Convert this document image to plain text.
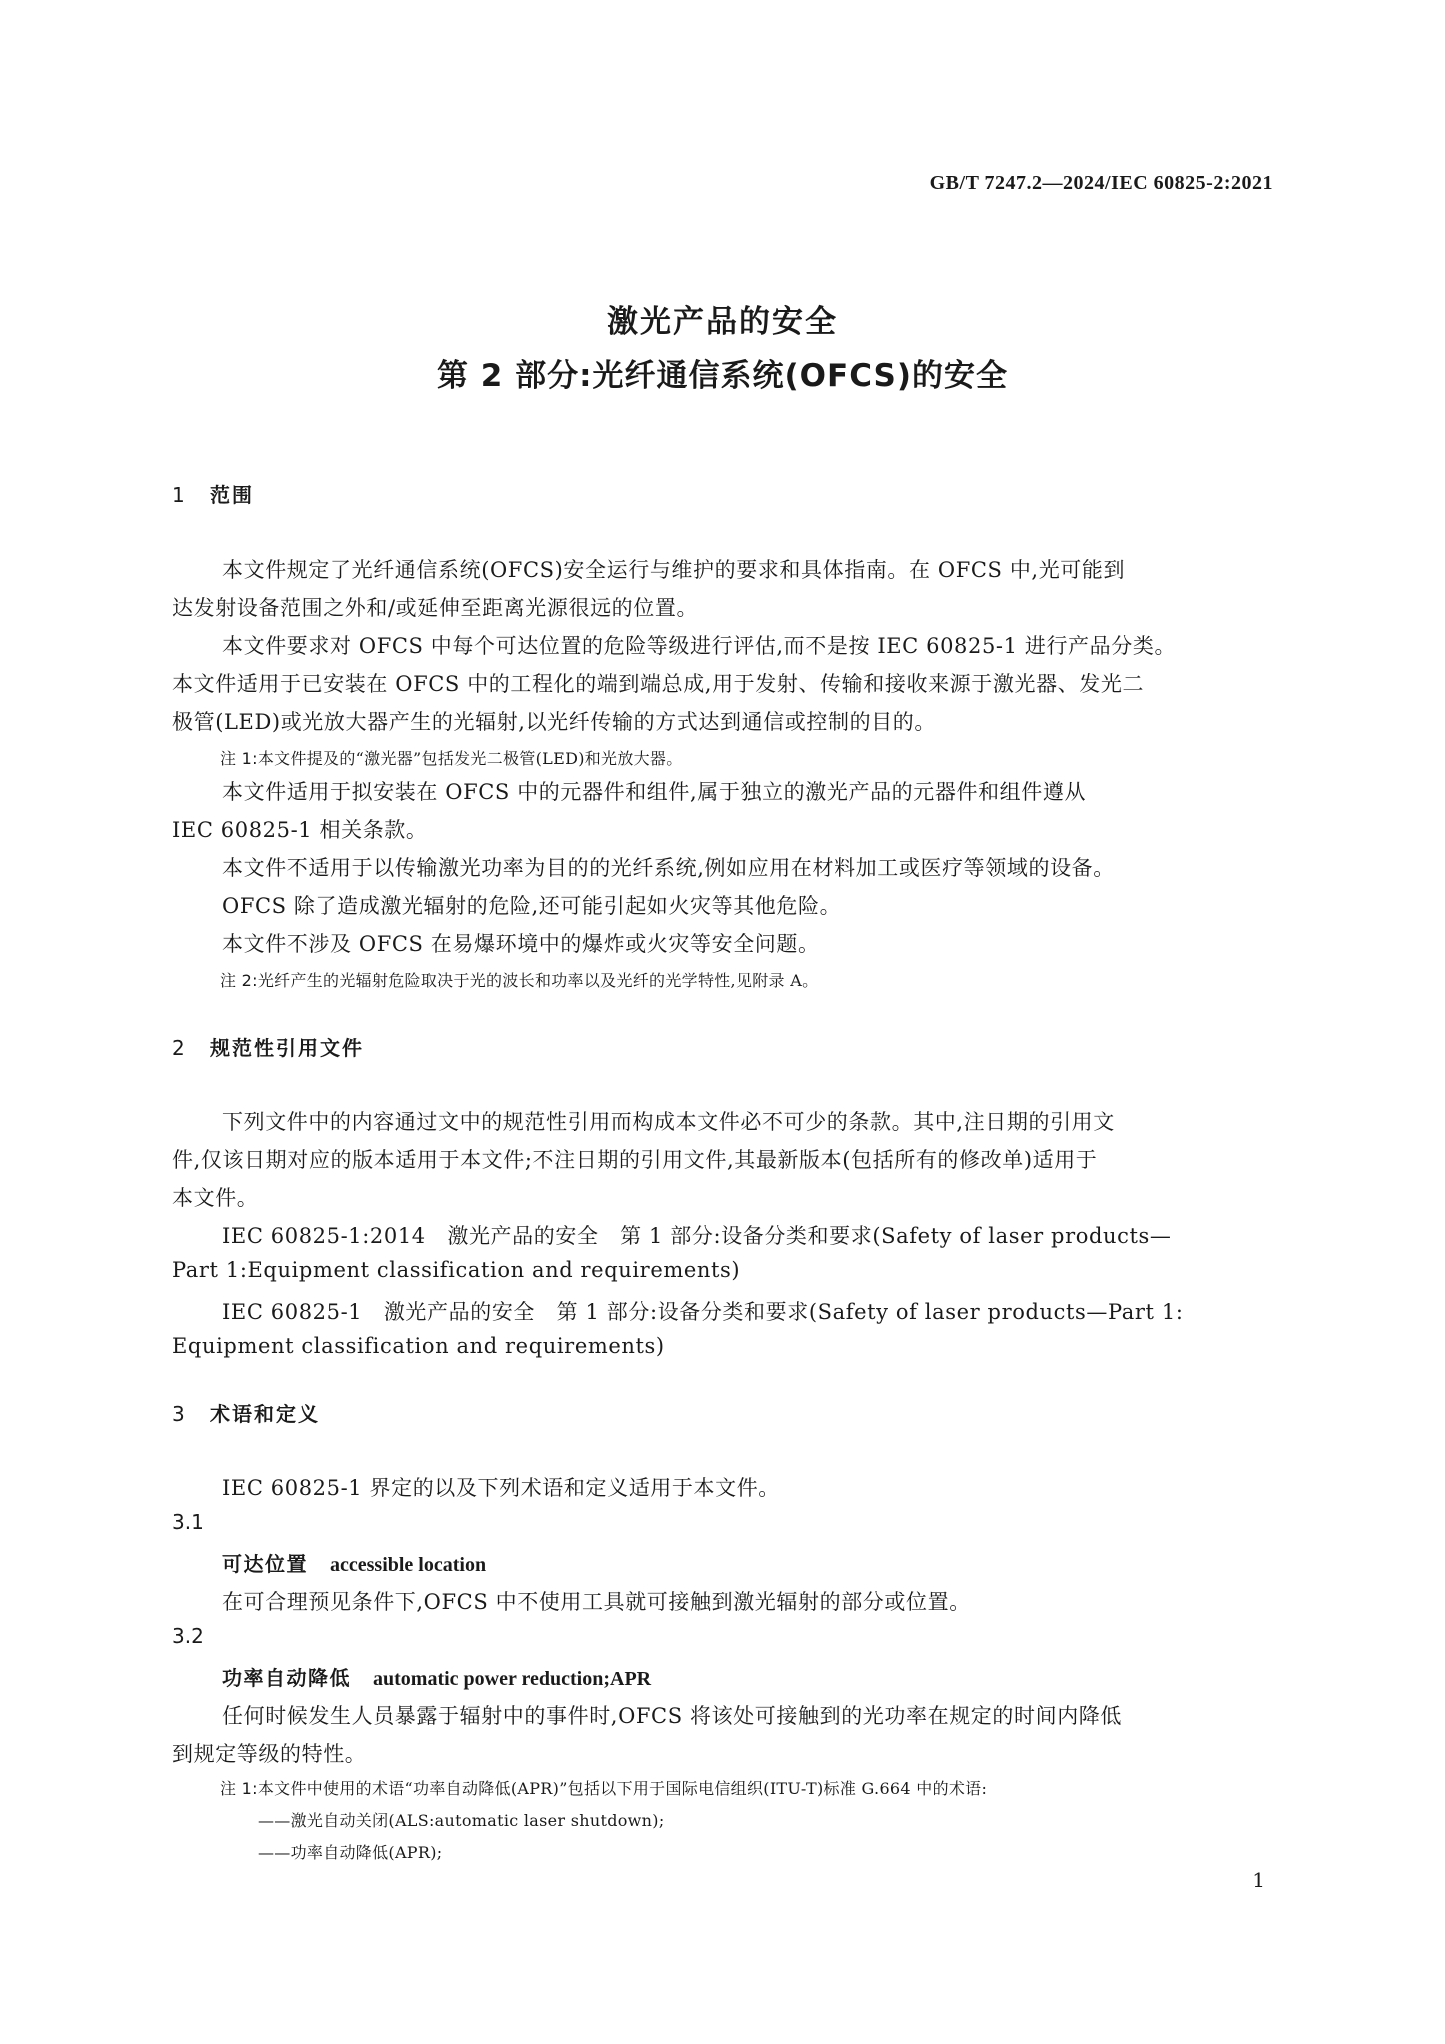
GB/T 7247.2—2024/IEC 60825-2:2021
激光产品的安全
第 2 部分:光纤通信系统(OFCS)的安全
1 范围
本文件规定了光纤通信系统(OFCS)安全运行与维护的要求和具体指南。在 OFCS 中,光可能到
达发射设备范围之外和/或延伸至距离光源很远的位置。
本文件要求对 OFCS 中每个可达位置的危险等级进行评估,而不是按 IEC 60825-1 进行产品分类。
本文件适用于已安装在 OFCS 中的工程化的端到端总成,用于发射、传输和接收来源于激光器、发光二
极管(LED)或光放大器产生的光辐射,以光纤传输的方式达到通信或控制的目的。
注 1:本文件提及的“激光器”包括发光二极管(LED)和光放大器。
本文件适用于拟安装在 OFCS 中的元器件和组件,属于独立的激光产品的元器件和组件遵从
IEC 60825-1 相关条款。
本文件不适用于以传输激光功率为目的的光纤系统,例如应用在材料加工或医疗等领域的设备。
OFCS 除了造成激光辐射的危险,还可能引起如火灾等其他危险。
本文件不涉及 OFCS 在易爆环境中的爆炸或火灾等安全问题。
注 2:光纤产生的光辐射危险取决于光的波长和功率以及光纤的光学特性,见附录 A。
2 规范性引用文件
下列文件中的内容通过文中的规范性引用而构成本文件必不可少的条款。其中,注日期的引用文
件,仅该日期对应的版本适用于本文件;不注日期的引用文件,其最新版本(包括所有的修改单)适用于
本文件。
IEC 60825-1:2014　激光产品的安全　第 1 部分:设备分类和要求(Safety of laser products—
Part 1:Equipment classification and requirements)
IEC 60825-1　激光产品的安全　第 1 部分:设备分类和要求(Safety of laser products—Part 1:
Equipment classification and requirements)
3 术语和定义
IEC 60825-1 界定的以及下列术语和定义适用于本文件。
3.1
可达位置 accessible location
在可合理预见条件下,OFCS 中不使用工具就可接触到激光辐射的部分或位置。
3.2
功率自动降低 automatic power reduction;APR
任何时候发生人员暴露于辐射中的事件时,OFCS 将该处可接触到的光功率在规定的时间内降低
到规定等级的特性。
注 1:本文件中使用的术语“功率自动降低(APR)”包括以下用于国际电信组织(ITU-T)标准 G.664 中的术语:
——激光自动关闭(ALS:automatic laser shutdown);
——功率自动降低(APR);
1
